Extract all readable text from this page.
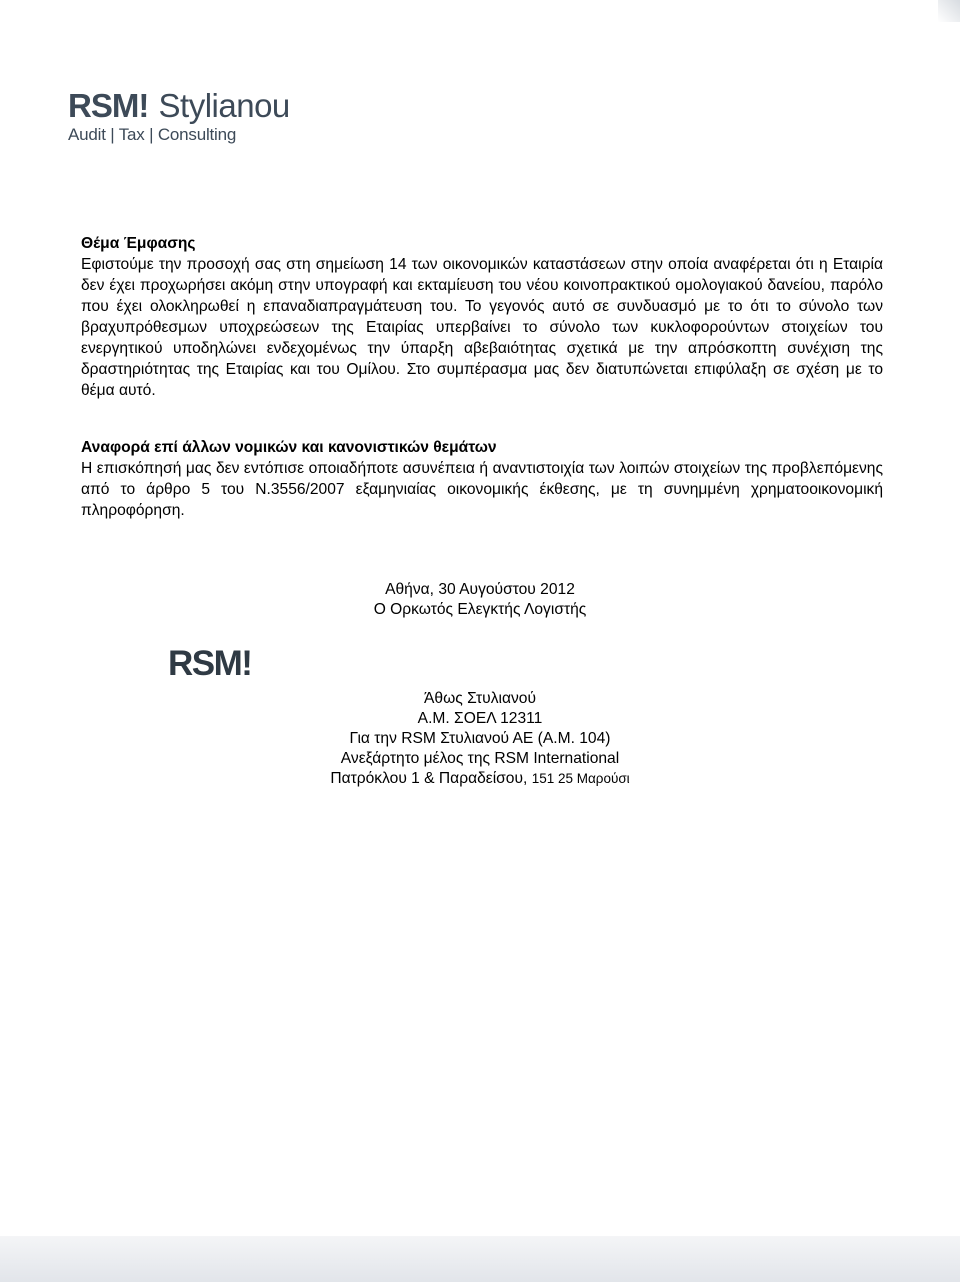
RSM! Stylianou
Audit | Tax | Consulting
Θέμα Έμφασης

Εφιστούμε την προσοχή σας στη σημείωση 14 των οικονομικών καταστάσεων στην οποία αναφέρεται ότι η Εταιρία δεν έχει προχωρήσει ακόμη στην υπογραφή και εκταμίευση του νέου κοινοπρακτικού ομολογιακού δανείου, παρόλο που έχει ολοκληρωθεί η επαναδιαπραγμάτευση του. Το γεγονός αυτό σε συνδυασμό με το ότι το σύνολο των βραχυπρόθεσμων υποχρεώσεων της Εταιρίας υπερβαίνει το σύνολο των κυκλοφορούντων στοιχείων του ενεργητικού υποδηλώνει ενδεχομένως την ύπαρξη αβεβαιότητας σχετικά με την απρόσκοπτη συνέχιση της δραστηριότητας της Εταιρίας και του Ομίλου. Στο συμπέρασμα μας δεν διατυπώνεται επιφύλαξη σε σχέση με το θέμα αυτό.

Αναφορά επί άλλων νομικών και κανονιστικών θεμάτων

Η επισκόπησή μας δεν εντόπισε οποιαδήποτε ασυνέπεια ή αναντιστοιχία των λοιπών στοιχείων της προβλεπόμενης από το άρθρο 5 του Ν.3556/2007 εξαμηνιαίας οικονομικής έκθεσης, με τη συνημμένη χρηματοοικονομική πληροφόρηση.

Αθήνα, 30 Αυγούστου 2012
Ο Ορκωτός Ελεγκτής Λογιστής
RSM!
Άθως Στυλιανού
Α.Μ. ΣΟΕΛ 12311
Για την RSM Στυλιανού ΑΕ (Α.Μ. 104)
Ανεξάρτητο μέλος της RSM International
Πατρόκλου 1 & Παραδείσου, 151 25 Μαρούσι
